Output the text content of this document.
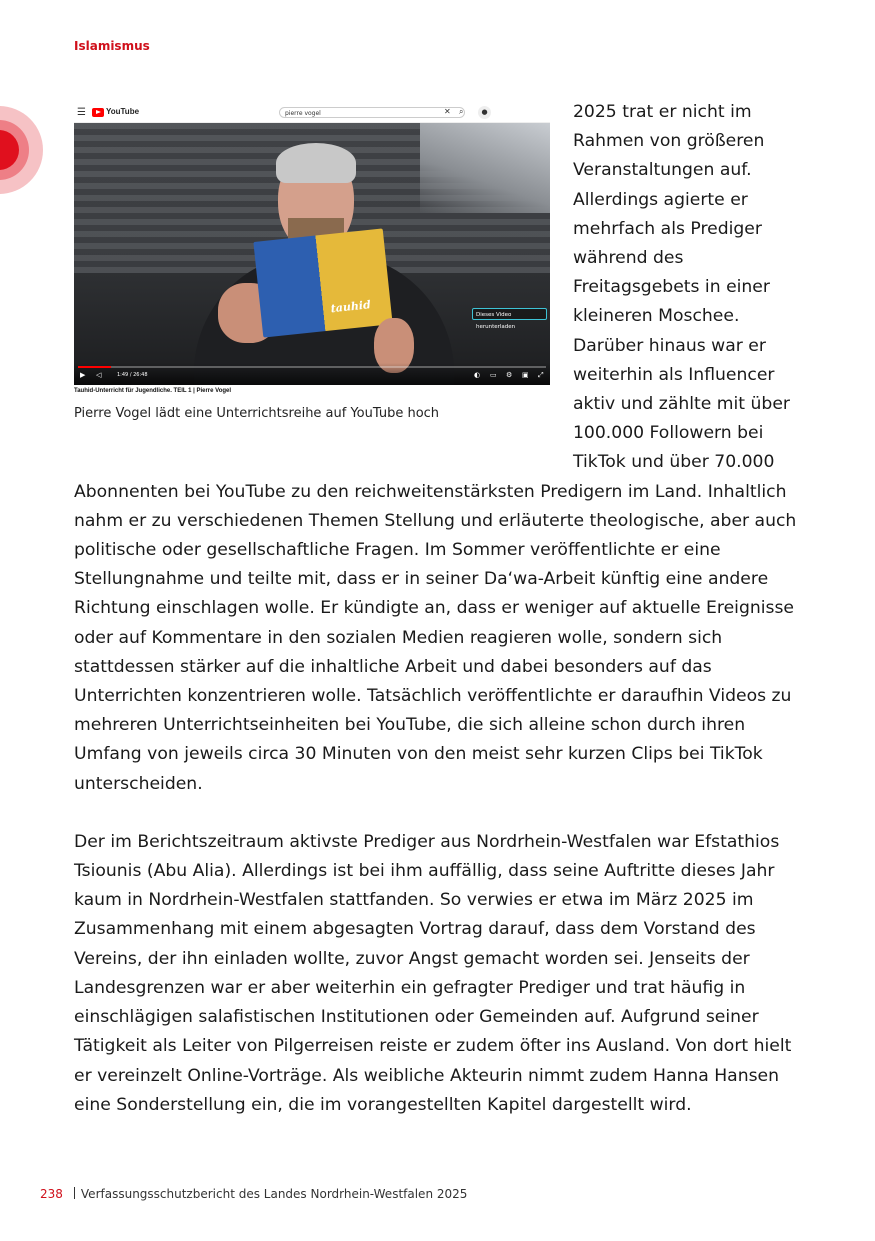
Islamismus

2025 trat er nicht im Rahmen von größeren Veranstaltungen auf. Allerdings agierte er mehrfach als Prediger während des Freitagsgebets in einer kleineren Moschee. Darüber hinaus war er weiterhin als Influencer aktiv und zählte mit über 100.000 Followern bei TikTok und über 70.000 Abonnenten bei YouTube zu den reichweitenstärksten Predigern im Land. Inhaltlich nahm er zu verschiedenen Themen Stellung und erläuterte theologische, aber auch politische oder gesellschaftliche Fragen. Im Sommer veröffentlichte er eine Stellungnahme und teilte mit, dass er in seiner Da‘wa-Arbeit künftig eine andere Richtung einschlagen wolle. Er kündigte an, dass er weniger auf aktuelle Ereignisse oder auf Kommentare in den sozialen Medien reagieren wolle, sondern sich stattdessen stärker auf die inhaltliche Arbeit und dabei besonders auf das Unterrichten konzentrieren wolle. Tatsächlich veröffentlichte er daraufhin Videos zu mehreren Unterrichtseinheiten bei YouTube, die sich alleine schon durch ihren Umfang von jeweils circa 30 Minuten von den meist sehr kurzen Clips bei TikTok unterscheiden.

Der im Berichtszeitraum aktivste Prediger aus Nordrhein-Westfalen war Efstathios Tsiounis (Abu Alia). Allerdings ist bei ihm auffällig, dass seine Auftritte dieses Jahr kaum in Nordrhein-Westfalen stattfanden. So verwies er etwa im März 2025 im Zusammenhang mit einem abgesagten Vortrag darauf, dass dem Vorstand des Vereins, der ihn einladen wollte, zuvor Angst gemacht worden sei. Jenseits der Landesgrenzen war er aber weiterhin ein gefragter Prediger und trat häufig in einschlägigen salafistischen Institutionen oder Gemeinden auf. Aufgrund seiner Tätigkeit als Leiter von Pilgerreisen reiste er zudem öfter ins Ausland. Von dort hielt er vereinzelt Online-Vorträge. Als weibliche Akteurin nimmt zudem Hanna Hansen eine Sonderstellung ein, die im vorangestellten Kapitel dargestellt wird.

☰	YouTube	pierre vogel	✕ ⌕	●
tauhid	Dieses Video herunterladen
▶ ◁	1:49 / 26:48	◐ ▭ ⚙ ▣ ⤢
Tauhid-Unterricht für Jugendliche. TEIL 1 | Pierre Vogel
Pierre Vogel lädt eine Unterrichtsreihe auf YouTube hoch
238 Verfassungsschutzbericht des Landes Nordrhein-Westfalen 2025
